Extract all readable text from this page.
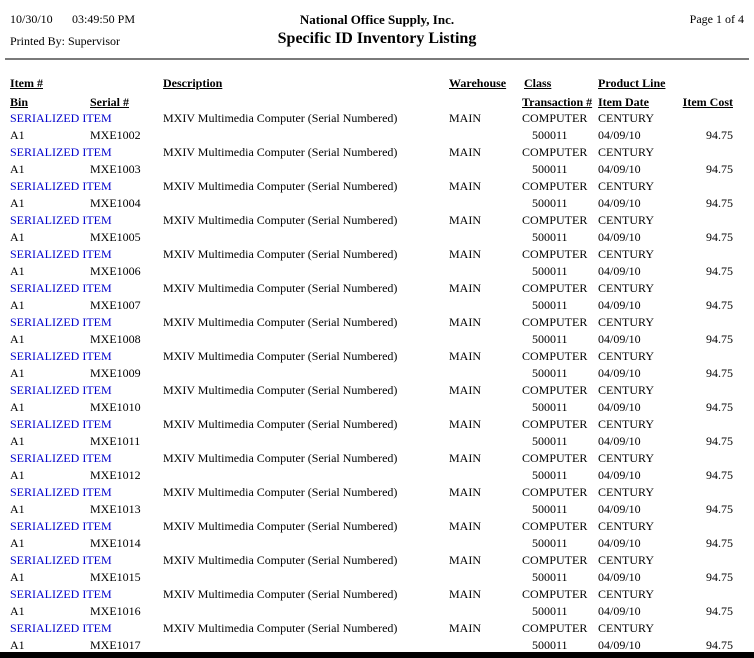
10/30/10 03:49:50 PM	National Office Supply, Inc.	Page 1 of 4
Printed By: Supervisor	Specific ID Inventory Listing
Item #	Description	Warehouse Class	Product Line
Bin	Serial #	Transaction # Item Date	Item Cost
SERIALIZED ITEM	MXIV Multimedia Computer (Serial Numbered)	MAIN	COMPUTER CENTURY
A1	MXE1002	500011	04/09/10	94.75
SERIALIZED ITEM	MXIV Multimedia Computer (Serial Numbered)	MAIN	COMPUTER CENTURY
A1	MXE1003	500011	04/09/10	94.75
SERIALIZED ITEM	MXIV Multimedia Computer (Serial Numbered)	MAIN	COMPUTER CENTURY
A1	MXE1004	500011	04/09/10	94.75
SERIALIZED ITEM	MXIV Multimedia Computer (Serial Numbered)	MAIN	COMPUTER CENTURY
A1	MXE1005	500011	04/09/10	94.75
SERIALIZED ITEM	MXIV Multimedia Computer (Serial Numbered)	MAIN	COMPUTER CENTURY
A1	MXE1006	500011	04/09/10	94.75
SERIALIZED ITEM	MXIV Multimedia Computer (Serial Numbered)	MAIN	COMPUTER CENTURY
A1	MXE1007	500011	04/09/10	94.75
SERIALIZED ITEM	MXIV Multimedia Computer (Serial Numbered)	MAIN	COMPUTER CENTURY
A1	MXE1008	500011	04/09/10	94.75
SERIALIZED ITEM	MXIV Multimedia Computer (Serial Numbered)	MAIN	COMPUTER CENTURY
A1	MXE1009	500011	04/09/10	94.75
SERIALIZED ITEM	MXIV Multimedia Computer (Serial Numbered)	MAIN	COMPUTER CENTURY
A1	MXE1010	500011	04/09/10	94.75
SERIALIZED ITEM	MXIV Multimedia Computer (Serial Numbered)	MAIN	COMPUTER CENTURY
A1	MXE1011	500011	04/09/10	94.75
SERIALIZED ITEM	MXIV Multimedia Computer (Serial Numbered)	MAIN	COMPUTER CENTURY
A1	MXE1012	500011	04/09/10	94.75
SERIALIZED ITEM	MXIV Multimedia Computer (Serial Numbered)	MAIN	COMPUTER CENTURY
A1	MXE1013	500011	04/09/10	94.75
SERIALIZED ITEM	MXIV Multimedia Computer (Serial Numbered)	MAIN	COMPUTER CENTURY
A1	MXE1014	500011	04/09/10	94.75
SERIALIZED ITEM	MXIV Multimedia Computer (Serial Numbered)	MAIN	COMPUTER CENTURY
A1	MXE1015	500011	04/09/10	94.75
SERIALIZED ITEM	MXIV Multimedia Computer (Serial Numbered)	MAIN	COMPUTER CENTURY
A1	MXE1016	500011	04/09/10	94.75
SERIALIZED ITEM	MXIV Multimedia Computer (Serial Numbered)	MAIN	COMPUTER CENTURY
A1	MXE1017	500011	04/09/10	94.75
